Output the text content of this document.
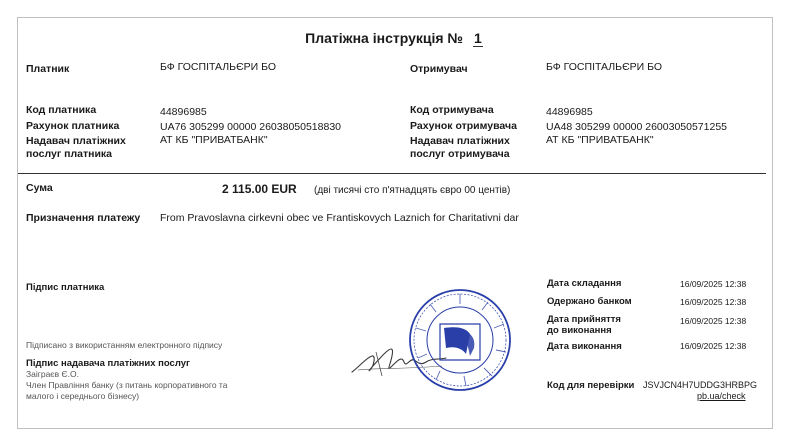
Платіжна інструкція № 1
Платник	БФ ГОСПІТАЛЬЄРИ БО
Код платника	44896985
Рахунок платника	UA76 305299 00000 26038050518830
Надавач платіжних
послуг платника
АТ КБ "ПРИВАТБАНК"
Отримувач	БФ ГОСПІТАЛЬЄРИ БО
Код отримувача	44896985
Рахунок отримувача	UA48 305299 00000 26003050571255
Надавач платіжних
послуг отримувача
АТ КБ "ПРИВАТБАНК"
Сума	2 115.00 EUR (дві тисячі сто п'ятнадцять євро 00 центів)
Призначення платежу From Pravoslavna cirkevni obec ve Frantiskovych Laznich for Charitativni dar
Підпис платника
Підписано з використанням електронного підпису
Підпис надавача платіжних послуг
Заіграєв Є.О.
Член Правління банку (з питань корпоративного та
малого і середнього бізнесу)
Дата складання	16/09/2025 12:38
Одержано банком	16/09/2025 12:38
Дата прийняття
до виконання
16/09/2025 12:38
Дата виконання	16/09/2025 12:38
Код для перевірки JSVJCN4H7UDDG3HRBPG
pb.ua/check
